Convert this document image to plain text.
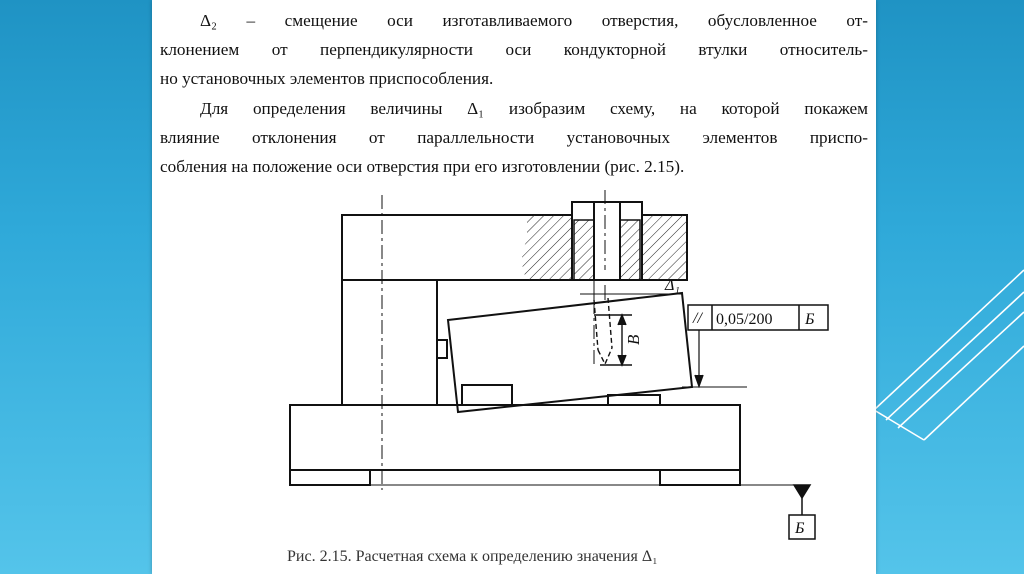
Δ₂ – смещение оси изготавливаемого отверстия, обусловленное от-
клонением от перпендикулярности оси кондукторной втулки относитель-
но установочных элементов приспособления.
Для определения величины Δ₁ изобразим схему, на которой покажем
влияние отклонения от параллельности установочных элементов приспо-
собления на положение оси отверстия при его изготовлении (рис. 2.15).
Δ₁
В
// 0,05/200 Б
Б
Рис. 2.15. Расчетная схема к определению значения Δ₁
